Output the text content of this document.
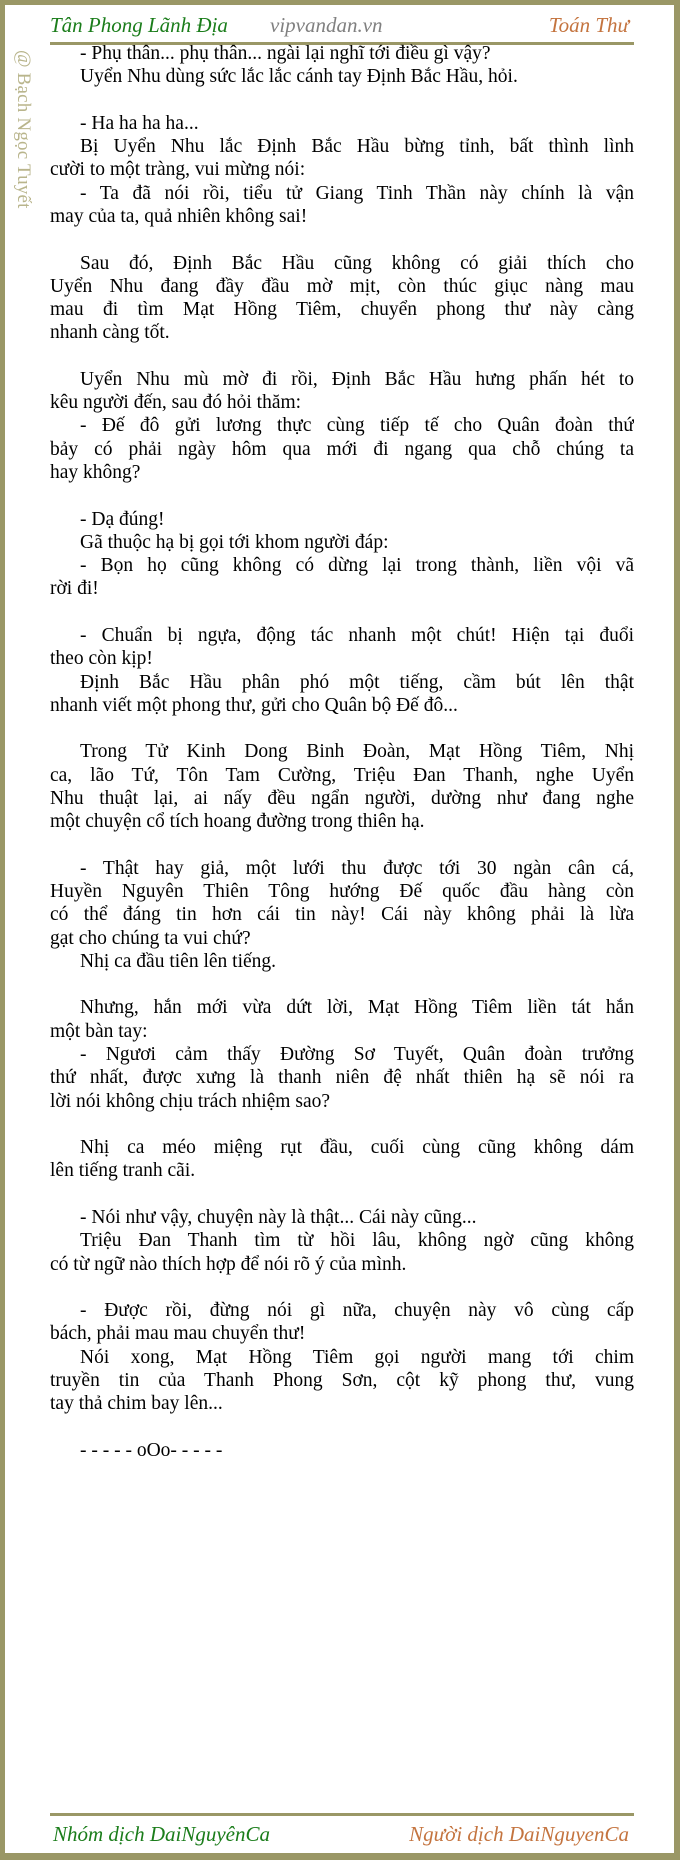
Tân Phong Lãnh Địa vipvandan.vn	Toán Thư
@ Bạch Ngọc Tuyết	- Phụ thân... phụ thân... ngài lại nghĩ tới điều gì vậy?
Uyển Nhu dùng sức lắc lắc cánh tay Định Bắc Hầu, hỏi.
- Ha ha ha ha...
Bị Uyển Nhu lắc Định Bắc Hầu bừng tỉnh, bất thình lình
cười to một tràng, vui mừng nói:
- Ta đã nói rồi, tiểu tử Giang Tinh Thần này chính là vận
may của ta, quả nhiên không sai!
Sau đó, Định Bắc Hầu cũng không có giải thích cho
Uyển Nhu đang đầy đầu mờ mịt, còn thúc giục nàng mau
mau đi tìm Mạt Hồng Tiêm, chuyển phong thư này càng
nhanh càng tốt.
Uyển Nhu mù mờ đi rồi, Định Bắc Hầu hưng phấn hét to
kêu người đến, sau đó hỏi thăm:
- Đế đô gửi lương thực cùng tiếp tế cho Quân đoàn thứ
bảy có phải ngày hôm qua mới đi ngang qua chỗ chúng ta
hay không?
- Dạ đúng!
Gã thuộc hạ bị gọi tới khom người đáp:
- Bọn họ cũng không có dừng lại trong thành, liền vội vã
rời đi!
- Chuẩn bị ngựa, động tác nhanh một chút! Hiện tại đuổi
theo còn kịp!
Định Bắc Hầu phân phó một tiếng, cầm bút lên thật
nhanh viết một phong thư, gửi cho Quân bộ Đế đô...
Trong Tử Kinh Dong Binh Đoàn, Mạt Hồng Tiêm, Nhị
ca, lão Tứ, Tôn Tam Cường, Triệu Đan Thanh, nghe Uyển
Nhu thuật lại, ai nấy đều ngẩn người, dường như đang nghe
một chuyện cổ tích hoang đường trong thiên hạ.
- Thật hay giả, một lưới thu được tới 30 ngàn cân cá,
Huyền Nguyên Thiên Tông hướng Đế quốc đầu hàng còn
có thể đáng tin hơn cái tin này! Cái này không phải là lừa
gạt cho chúng ta vui chứ?
Nhị ca đầu tiên lên tiếng.
Nhưng, hắn mới vừa dứt lời, Mạt Hồng Tiêm liền tát hắn
một bàn tay:
- Ngươi cảm thấy Đường Sơ Tuyết, Quân đoàn trưởng
thứ nhất, được xưng là thanh niên đệ nhất thiên hạ sẽ nói ra
lời nói không chịu trách nhiệm sao?
Nhị ca méo miệng rụt đầu, cuối cùng cũng không dám
lên tiếng tranh cãi.
- Nói như vậy, chuyện này là thật... Cái này cũng...
Triệu Đan Thanh tìm từ hồi lâu, không ngờ cũng không
có từ ngữ nào thích hợp để nói rõ ý của mình.
- Được rồi, đừng nói gì nữa, chuyện này vô cùng cấp
bách, phải mau mau chuyển thư!
Nói xong, Mạt Hồng Tiêm gọi người mang tới chim
truyền tin của Thanh Phong Sơn, cột kỹ phong thư, vung
tay thả chim bay lên...
- - - - - oOo- - - - -
Nhóm dịch DaiNguyênCa	Người dịch DaiNguyenCa
